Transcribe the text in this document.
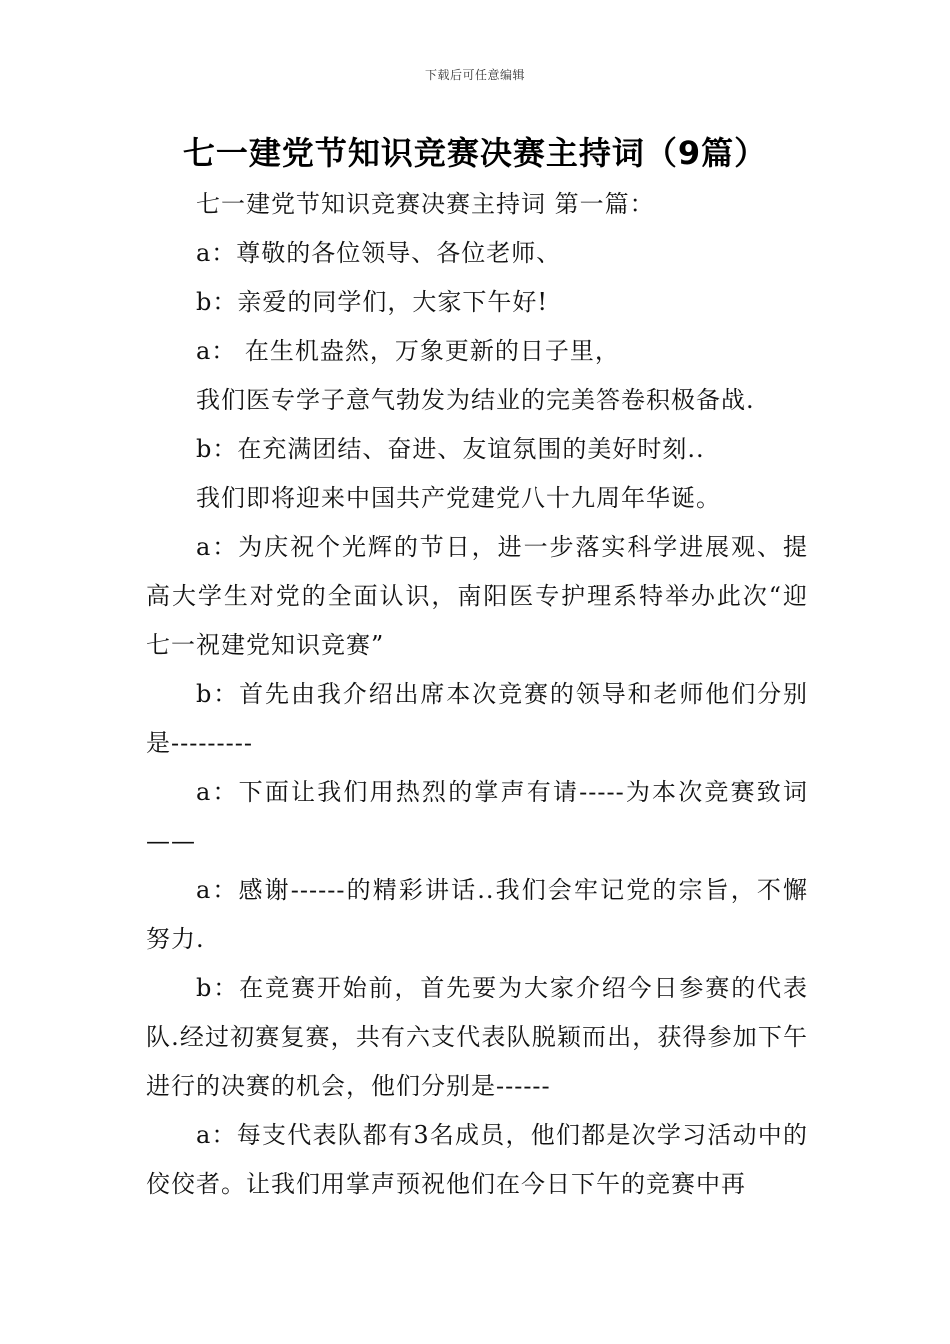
下载后可任意编辑
七一建党节知识竞赛决赛主持词（9篇）

七一建党节知识竞赛决赛主持词 第一篇：

a：尊敬的各位领导、各位老师、

b：亲爱的同学们，大家下午好!

a： 在生机盎然，万象更新的日子里，

我们医专学子意气勃发为结业的完美答卷积极备战.

b：在充满团结、奋进、友谊氛围的美好时刻..

我们即将迎来中国共产党建党八十九周年华诞。

a：为庆祝个光辉的节日，进一步落实科学进展观、提高大学生对党的全面认识，南阳医专护理系特举办此次“迎七一祝建党知识竞赛”

b：首先由我介绍出席本次竞赛的领导和老师他们分别是---------

a：下面让我们用热烈的掌声有请-----为本次竞赛致词——

a：感谢------的精彩讲话..我们会牢记党的宗旨，不懈努力.

b：在竞赛开始前，首先要为大家介绍今日参赛的代表队.经过初赛复赛，共有六支代表队脱颖而出，获得参加下午进行的决赛的机会，他们分别是------

a：每支代表队都有3名成员，他们都是次学习活动中的佼佼者。让我们用掌声预祝他们在今日下午的竞赛中再
